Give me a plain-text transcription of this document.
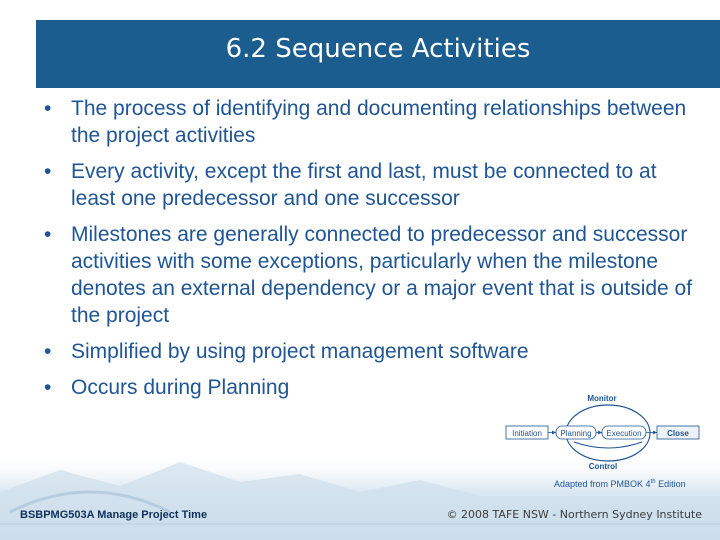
6.2 Sequence Activities
• The process of identifying and documenting relationships between the project activities
• Every activity, except the first and last, must be connected to at least one predecessor and one successor
• Milestones are generally connected to predecessor and successor activities with some exceptions, particularly when the milestone denotes an external dependency or a major event that is outside of the project
• Simplified by using project management software
• Occurs during Planning	Monitor
Control
Initiation Planning Execution	Close
Adapted from PMBOK 4th Edition
BSBPMG503A Manage Project Time	© 2008 TAFE NSW - Northern Sydney Institute
